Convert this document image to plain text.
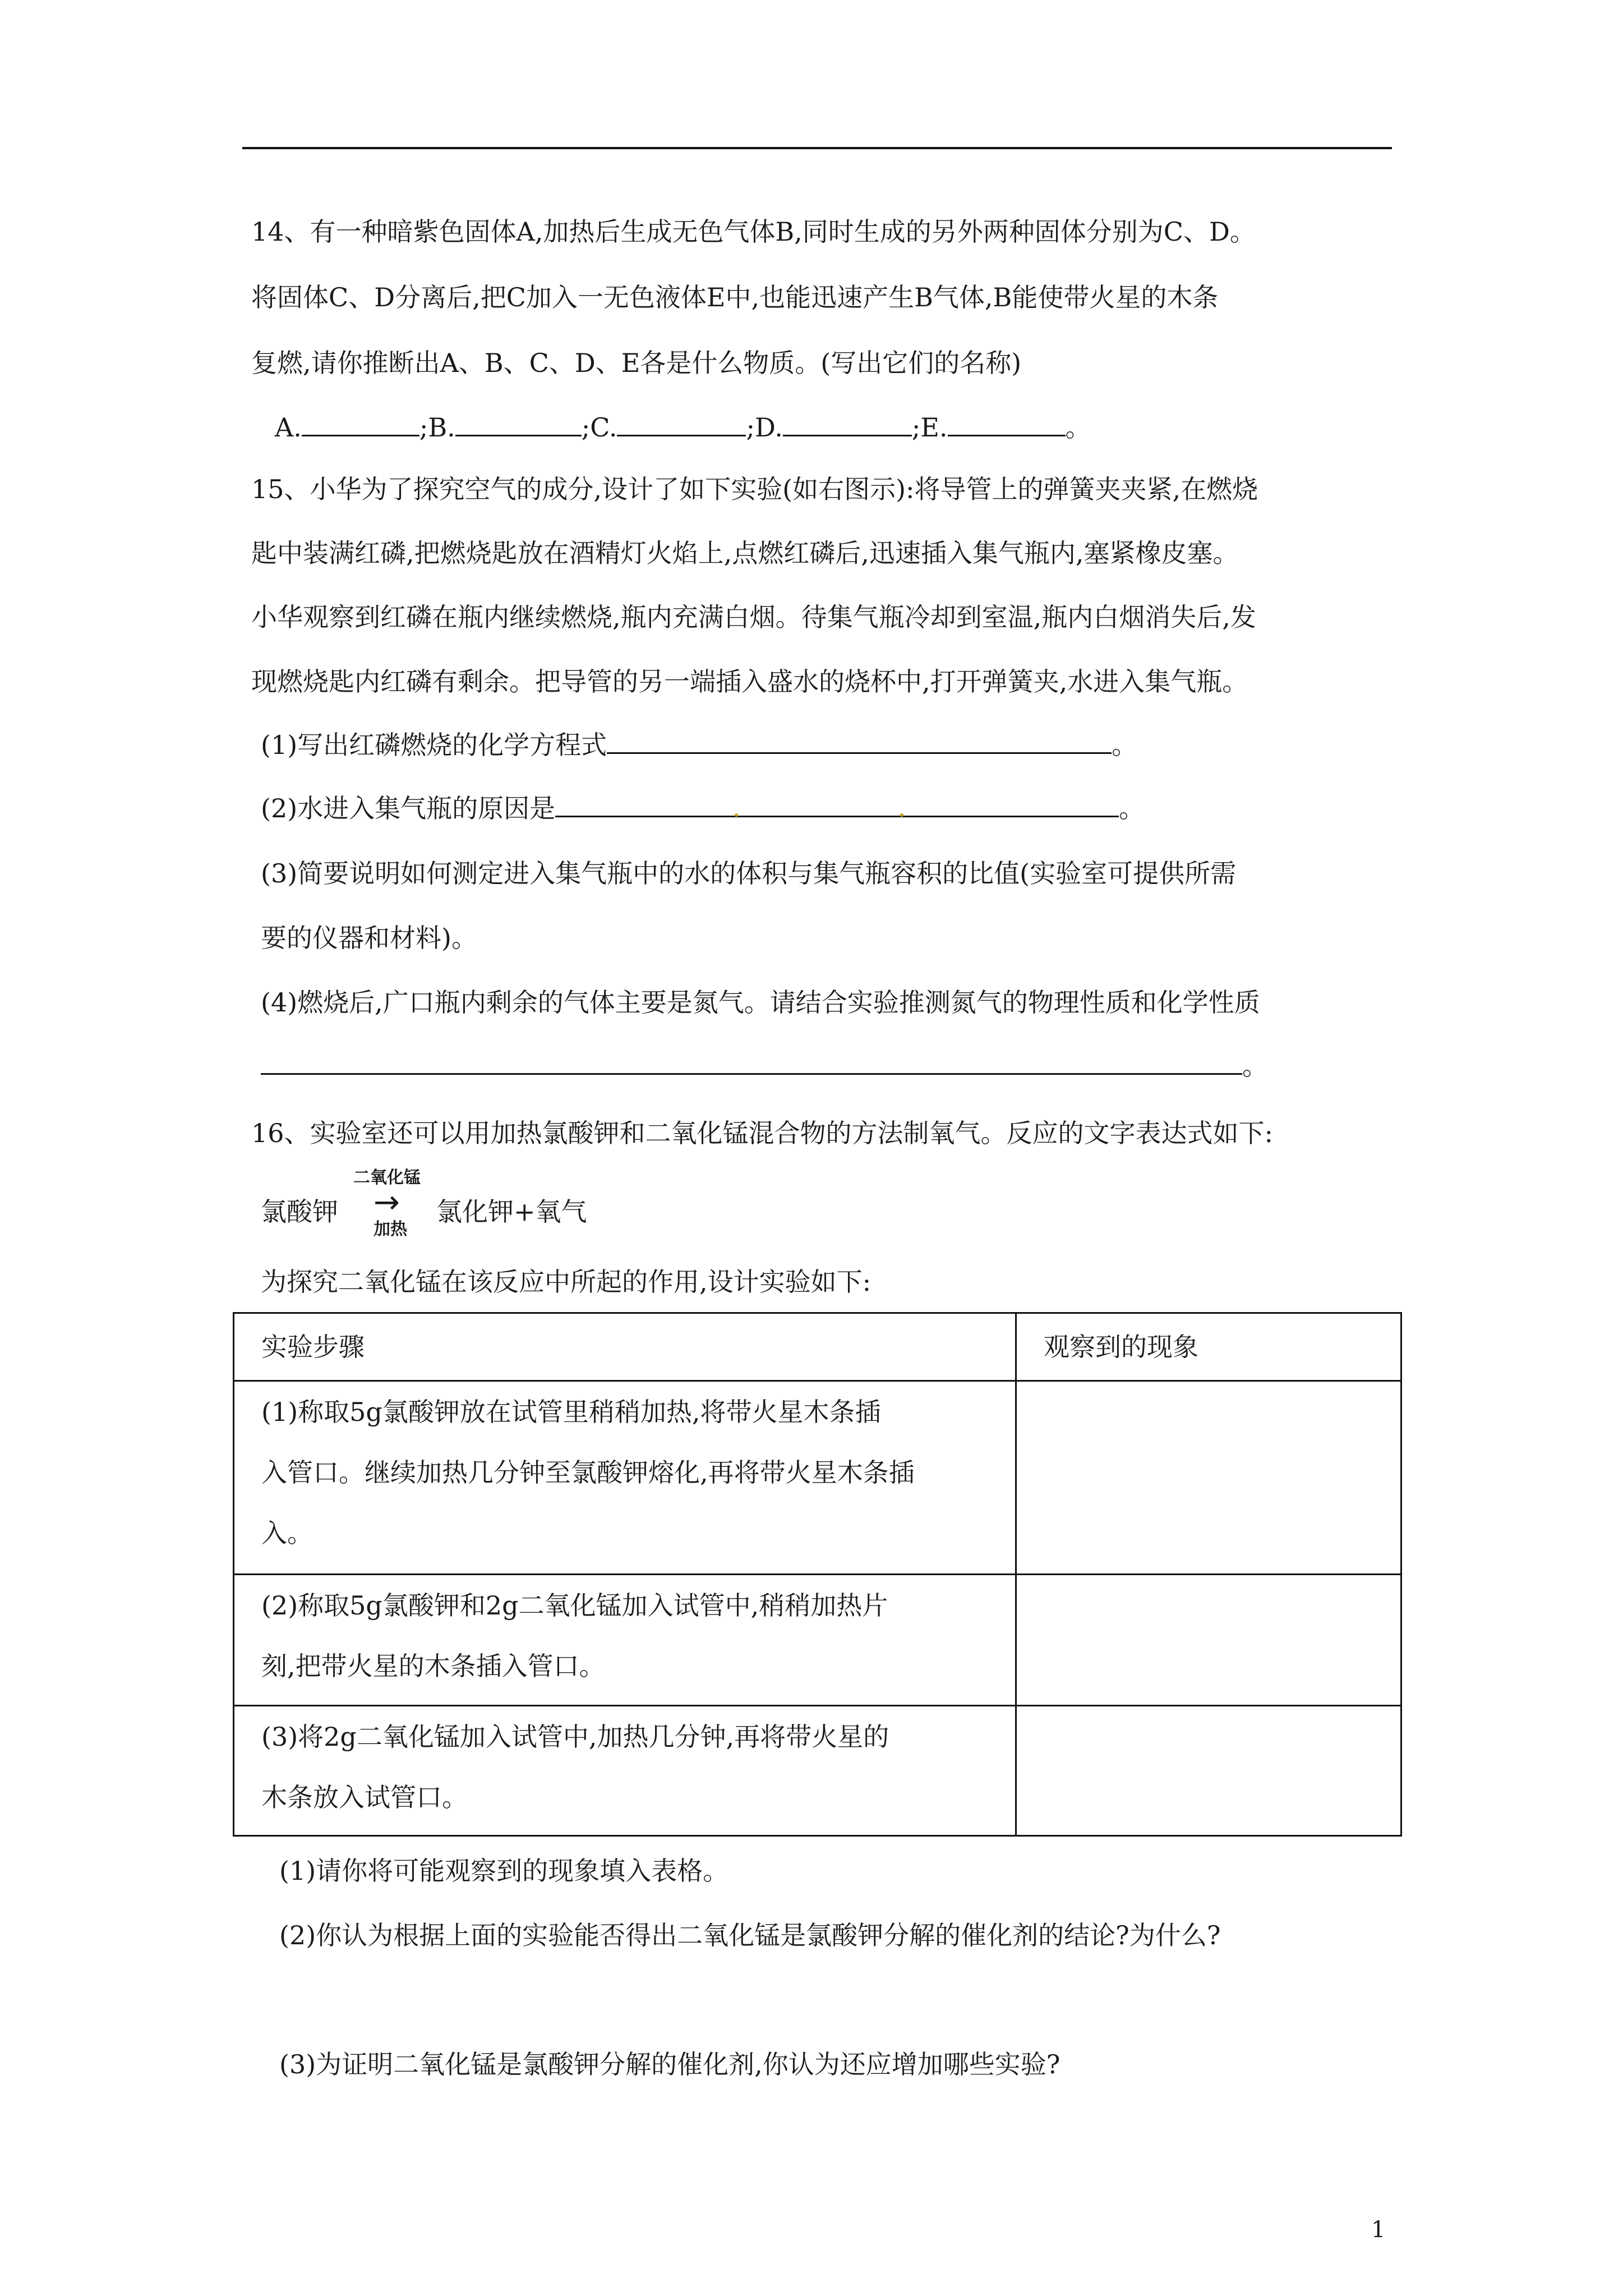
14、有一种暗紫色固体A,加热后生成无色气体B,同时生成的另外两种固体分别为C、D。
将固体C、D分离后,把C加入一无色液体E中,也能迅速产生B气体,B能使带火星的木条
复燃,请你推断出A、B、C、D、E各是什么物质。(写出它们的名称)
A.	;B.	;C.	;D.	;E.	。
15、小华为了探究空气的成分,设计了如下实验(如右图示):将导管上的弹簧夹夹紧,在燃烧
匙中装满红磷,把燃烧匙放在酒精灯火焰上,点燃红磷后,迅速插入集气瓶内,塞紧橡皮塞。
小华观察到红磷在瓶内继续燃烧,瓶内充满白烟。待集气瓶冷却到室温,瓶内白烟消失后,发
现燃烧匙内红磷有剩余。把导管的另一端插入盛水的烧杯中,打开弹簧夹,水进入集气瓶。
(1)写出红磷燃烧的化学方程式	。
(2)水进入集气瓶的原因是	。
(3)简要说明如何测定进入集气瓶中的水的体积与集气瓶容积的比值(实验室可提供所需
要的仪器和材料)。
(4)燃烧后,广口瓶内剩余的气体主要是氮气。请结合实验推测氮气的物理性质和化学性质
。
16、实验室还可以用加热氯酸钾和二氧化锰混合物的方法制氧气。反应的文字表达式如下:
氯酸钾
二氧化锰
→
加热
氯化钾+氧气
为探究二氧化锰在该反应中所起的作用,设计实验如下:
实验步骤	观察到的现象
(1)称取5g氯酸钾放在试管里稍稍加热,将带火星木条插
入管口。继续加热几分钟至氯酸钾熔化,再将带火星木条插
入。	
(2)称取5g氯酸钾和2g二氧化锰加入试管中,稍稍加热片
刻,把带火星的木条插入管口。	
(3)将2g二氧化锰加入试管中,加热几分钟,再将带火星的
木条放入试管口。	
(1)请你将可能观察到的现象填入表格。
(2)你认为根据上面的实验能否得出二氧化锰是氯酸钾分解的催化剂的结论?为什么?
(3)为证明二氧化锰是氯酸钾分解的催化剂,你认为还应增加哪些实验?
1
